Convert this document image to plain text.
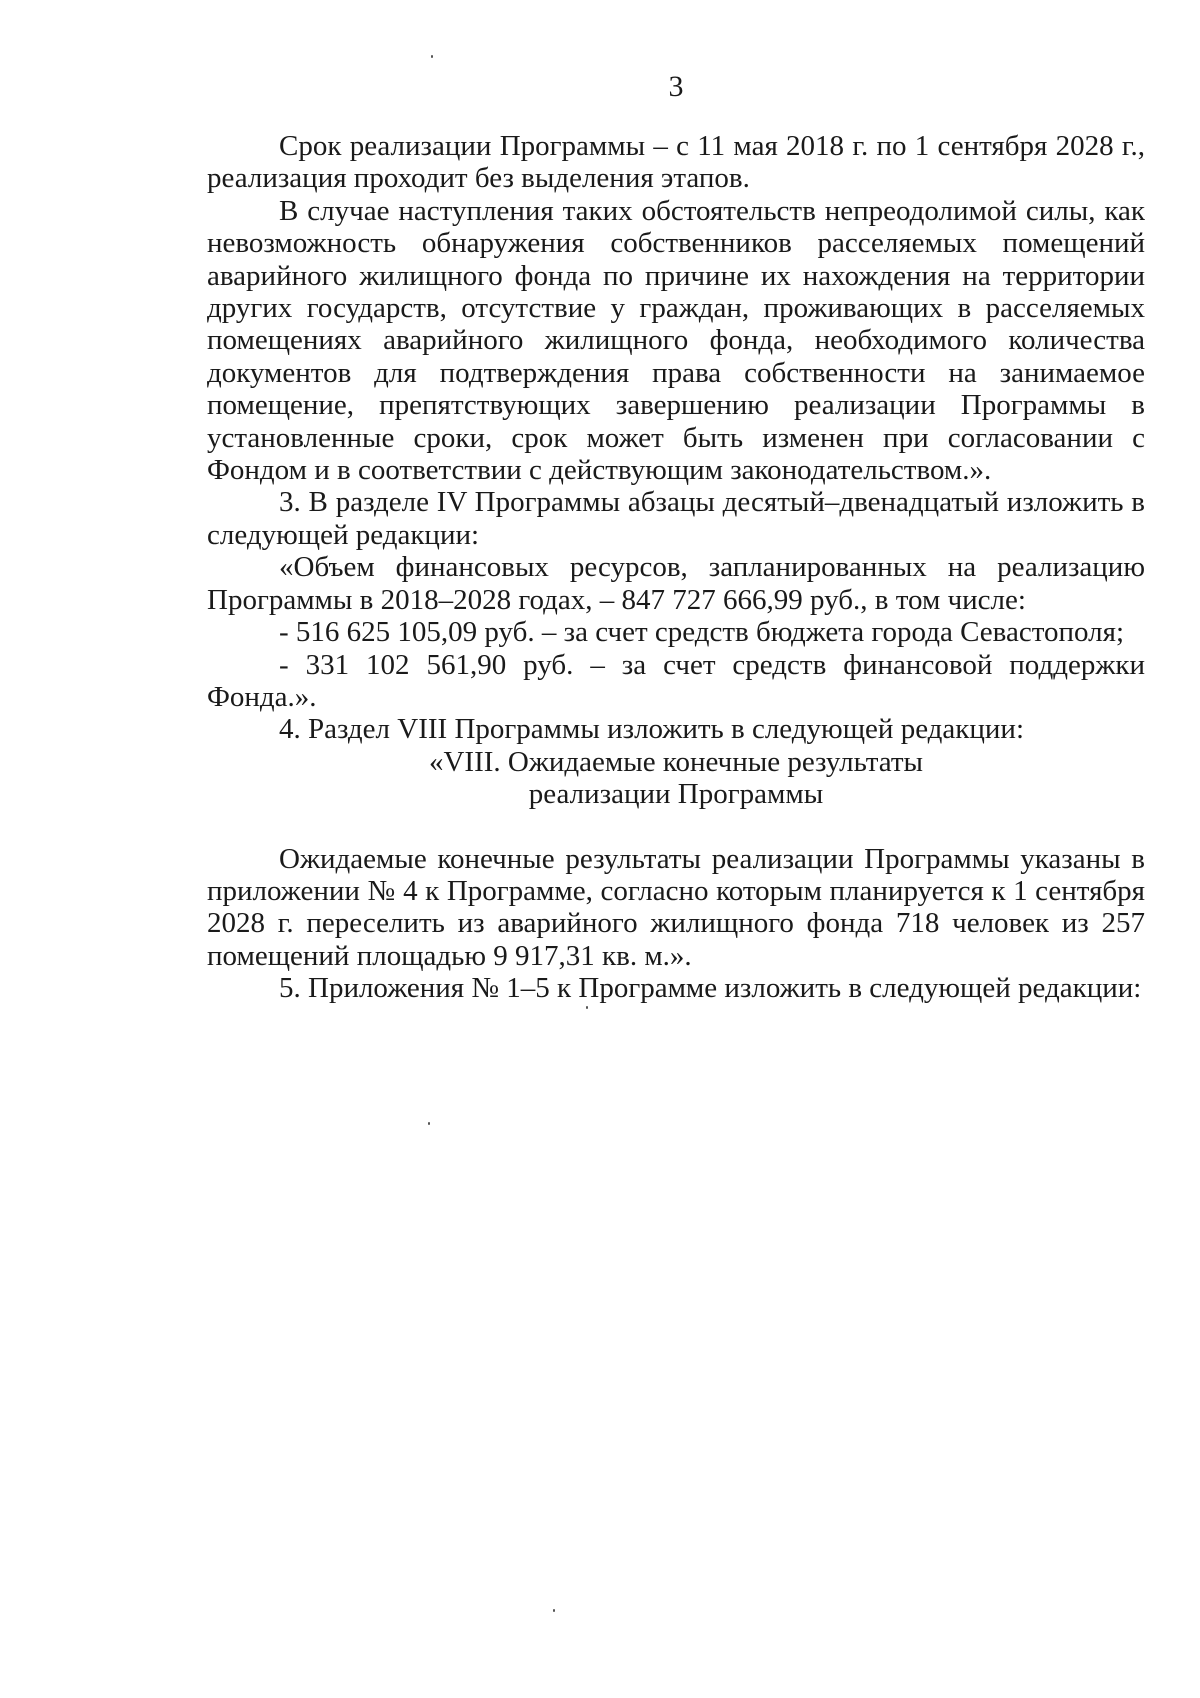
3

Срок реализации Программы – с 11 мая 2018 г. по 1 сентября 2028 г., реализация проходит без выделения этапов.

В случае наступления таких обстоятельств непреодолимой силы, как невозможность обнаружения собственников расселяемых помещений аварийного жилищного фонда по причине их нахождения на территории других государств, отсутствие у граждан, проживающих в расселяемых помещениях аварийного жилищного фонда, необходимого количества документов для подтверждения права собственности на занимаемое помещение, препятствующих завершению реализации Программы в установленные сроки, срок может быть изменен при согласовании с Фондом и в соответствии с действующим законодательством.».

3. В разделе IV Программы абзацы десятый–двенадцатый изложить в следующей редакции:

«Объем финансовых ресурсов, запланированных на реализацию Программы в 2018–2028 годах, – 847 727 666,99 руб., в том числе:

- 516 625 105,09 руб. – за счет средств бюджета города Севастополя;

- 331 102 561,90 руб. – за счет средств финансовой поддержки Фонда.».

4. Раздел VIII Программы изложить в следующей редакции:

«VIII. Ожидаемые конечные результаты

реализации Программы

Ожидаемые конечные результаты реализации Программы указаны в приложении № 4 к Программе, согласно которым планируется к 1 сентября 2028 г. переселить из аварийного жилищного фонда 718 человек из 257 помещений площадью 9 917,31 кв. м.».

5. Приложения № 1–5 к Программе изложить в следующей редакции:
